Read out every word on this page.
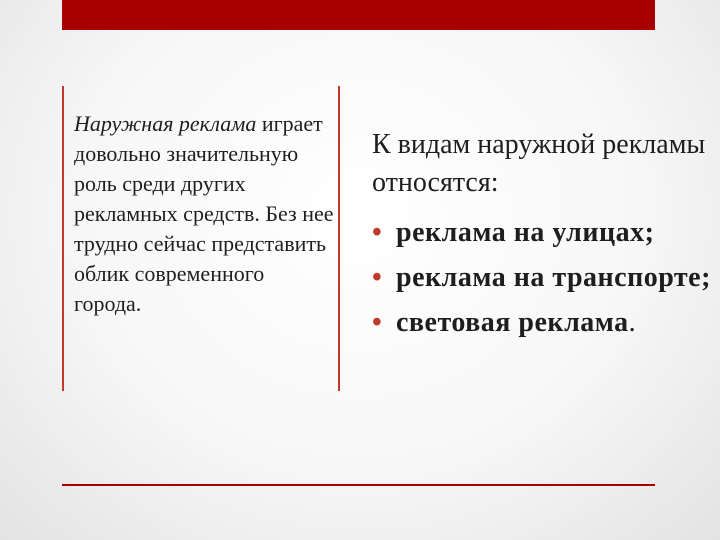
Наружная реклама играет довольно значительную роль среди других рекламных средств. Без нее трудно сейчас представить облик современного города.

К видам наружной рекламы относятся:

• реклама на улицах;
• реклама на транспорте;
• световая реклама.
